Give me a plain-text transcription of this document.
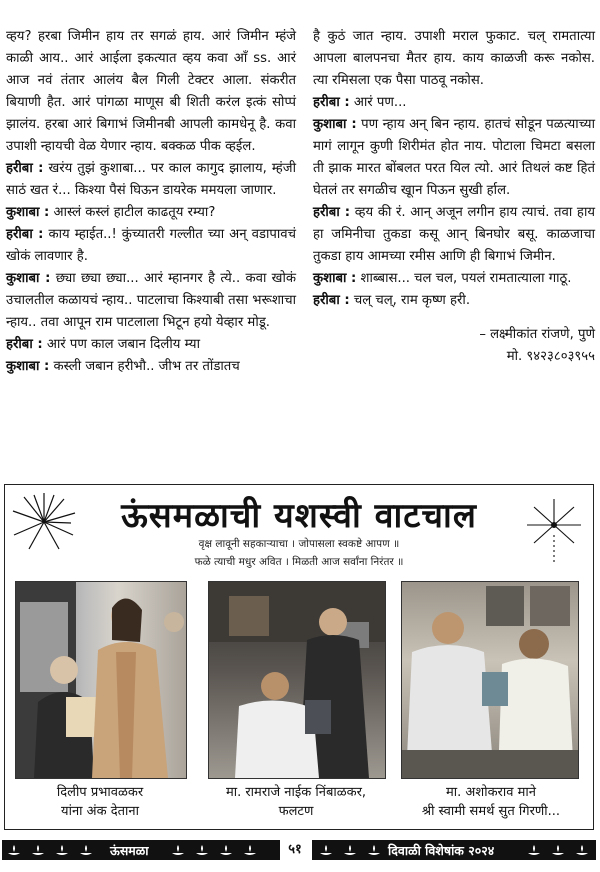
व्हय? हरबा जिमीन हाय तर सगळं हाय. आरं जिमीन म्हंजे काळी आय.. आरं आईला इकत्यात व्हय कवा आँ ss. आरं आज नवं तंतार आलंय बैल गिली टेक्टर आला. संकरीत बियाणी हैत. आरं पांगळा माणूस बी शिती करंल इत्कं सोप्पं झालंय. हरबा आरं बिगाभं जिमीनबी आपली कामधेनू है. कवा उपाशी न्हायची वेळ येणार न्हाय. बक्कळ पीक व्हईल.

हरीबा : खरंय तुझं कुशाबा... पर काल कागुद झालाय, म्हंजी साठं खत रं... किश्या पैसं घिऊन डायरेक ममयला जाणार.

कुशाबा : आस्लं कस्लं हाटील काढतूय रम्या?

हरीबा : काय म्हाईत..! कुंच्यातरी गल्लीत च्या अन् वडापावचं खोकं लावणार है.

कुशाबा : छ्या छ्या छ्या... आरं म्हानगर है त्ये.. कवा खोकं उचालतील कळायचं न्हाय.. पाटलाचा किश्याबी तसा भरूशाचा न्हाय.. तवा आपून राम पाटलाला भिटून हयो येव्हार मोडू.

हरीबा : आरं पण काल जबान दिलीय म्या

कुशाबा : कस्ली जबान हरीभौ.. जीभ तर तोंडातच

है कुठं जात न्हाय. उपाशी मराल फुकाट. चल् रामतात्या आपला बालपनचा मैतर हाय. काय काळजी करू नकोस. त्या रमिसला एक पैसा पाठवू नकोस.

हरीबा : आरं पण...

कुशाबा : पण न्हाय अन् बिन न्हाय. हातचं सोडून पळत्याच्या मागं लागून कुणी शिरीमंत होत नाय. पोटाला चिमटा बसला ती झाक मारत बोंबलत परत यिल त्यो. आरं तिथलं कष्ट हितं घेतलं तर सगळीच खूान पिऊन सुखी र्हाल.

हरीबा : व्हय की रं. आन् अजून लगीन हाय त्याचं. तवा हाय हा जमिनीचा तुकडा कसू आन् बिनघोर बसू. काळजाचा तुकडा हाय आमच्या रमीस आणि ही बिगाभं जिमीन.

कुशाबा : शाब्बास... चल चल, पयलं रामतात्याला गाठू.

हरीबा : चल् चल्, राम कृष्ण हरी.

– लक्ष्मीकांत रांजणे, पुणे

मो. ९४२३८०३९५५

ऊंसमळाची यशस्वी वाटचाल
वृक्ष लावूनी सहकाऱ्याचा । जोपासला स्वकष्टे आपण ॥
फळे त्याची मधुर अवित । मिळती आज सर्वांना निरंतर ॥
दिलीप प्रभावळकर
यांना अंक देताना
मा. रामराजे नाईक निंबाळकर,
फलटण
मा. अशोकराव माने
श्री स्वामी समर्थ सुत गिरणी...
ऊंसमळा	५१	दिवाळी विशेषांक २०२४
